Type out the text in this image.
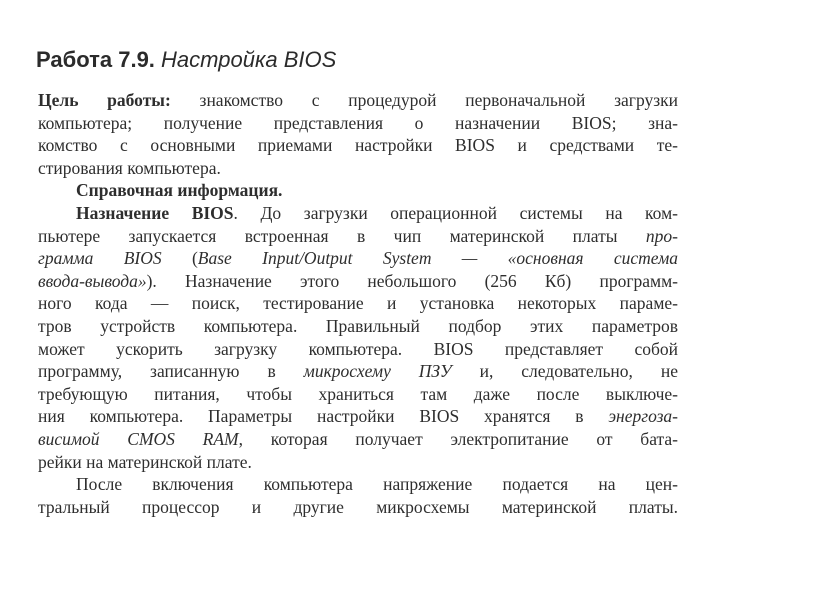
Работа 7.9. Настройка BIOS
Цель работы: знакомство с процедурой первоначальной загрузки
компьютера; получение представления о назначении BIOS; зна-
комство с основными приемами настройки BIOS и средствами те-
стирования компьютера.
Справочная информация.
Назначение BIOS. До загрузки операционной системы на ком-
пьютере запускается встроенная в чип материнской платы про-
грамма BIOS (Base Input/Output System — «основная система
ввода-вывода»). Назначение этого небольшого (256 Кб) программ-
ного кода — поиск, тестирование и установка некоторых параме-
тров устройств компьютера. Правильный подбор этих параметров
может ускорить загрузку компьютера. BIOS представляет собой
программу, записанную в микросхему ПЗУ и, следовательно, не
требующую питания, чтобы храниться там даже после выключе-
ния компьютера. Параметры настройки BIOS хранятся в энергоза-
висимой CMOS RAM, которая получает электропитание от бата-
рейки на материнской плате.
После включения компьютера напряжение подается на цен-
тральный процессор и другие микросхемы материнской платы.
